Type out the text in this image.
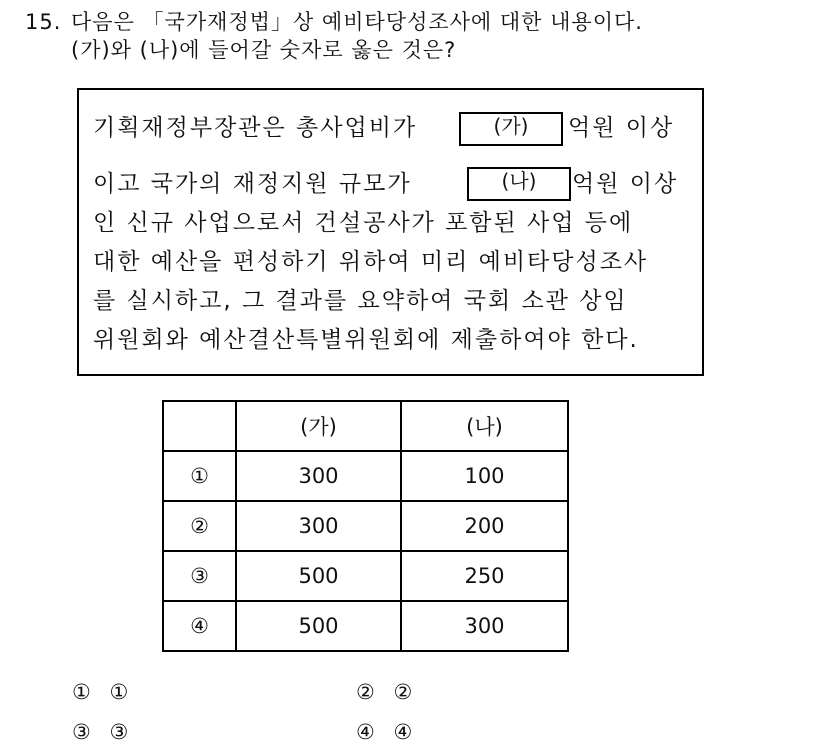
15. 다음은 「국가재정법」상 예비타당성조사에 대한 내용이다.
(가)와 (나)에 들어갈 숫자로 옳은 것은?
기획재정부장관은 총사업비가	(가)	억원 이상
이고 국가의 재정지원 규모가	(나)	억원 이상
인 신규 사업으로서 건설공사가 포함된 사업 등에
대한 예산을 편성하기 위하여 미리 예비타당성조사
를 실시하고, 그 결과를 요약하여 국회 소관 상임
위원회와 예산결산특별위원회에 제출하여야 한다.
	(가)	(나)
①	300	100
②	300	200
③	500	250
④	500	300
① ①	② ②
③ ③	④ ④
